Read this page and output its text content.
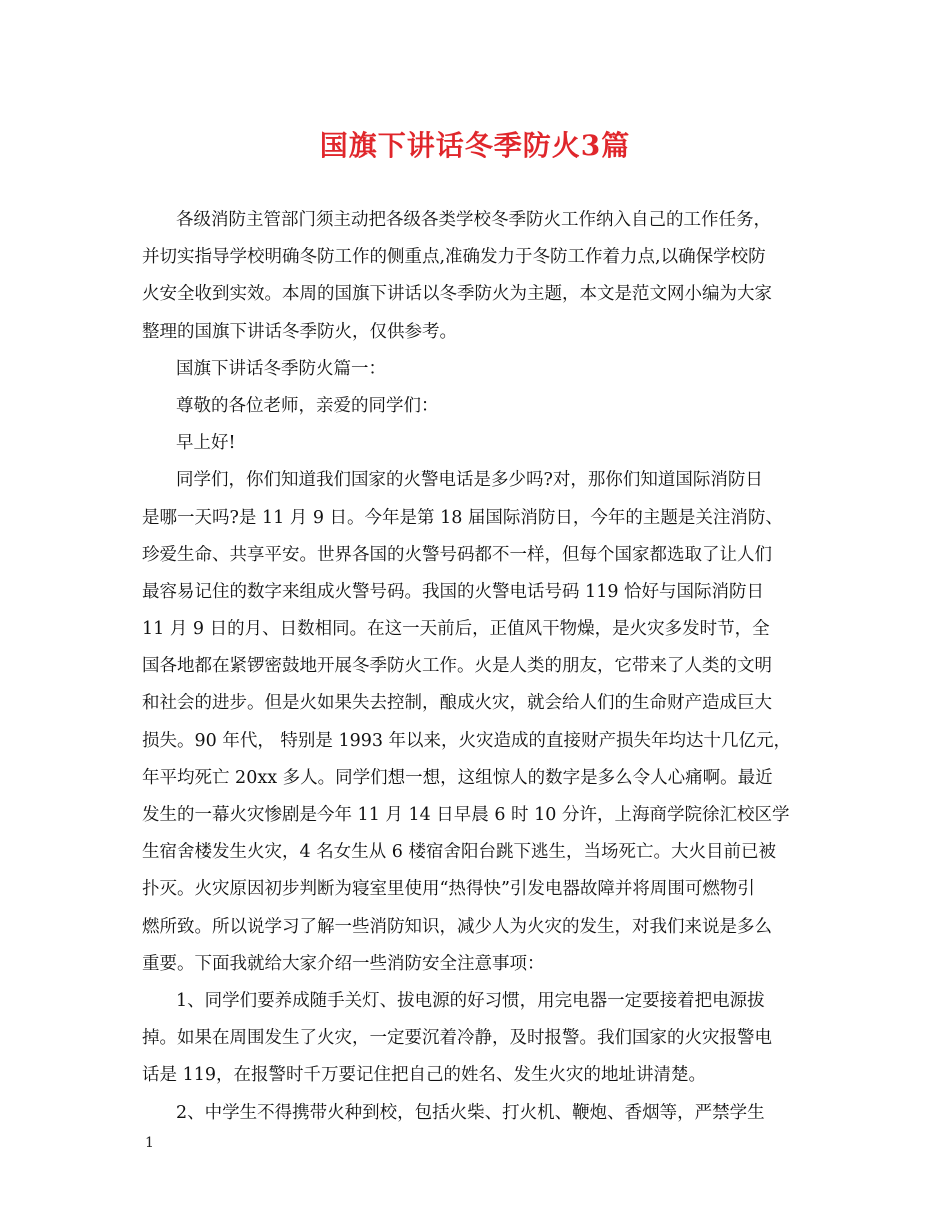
国旗下讲话冬季防火3篇
各级消防主管部门须主动把各级各类学校冬季防火工作纳入自己的工作任务，
并切实指导学校明确冬防工作的侧重点,准确发力于冬防工作着力点,以确保学校防
火安全收到实效。本周的国旗下讲话以冬季防火为主题，本文是范文网小编为大家
整理的国旗下讲话冬季防火，仅供参考。
国旗下讲话冬季防火篇一：
尊敬的各位老师，亲爱的同学们：
早上好!
同学们，你们知道我们国家的火警电话是多少吗?对，那你们知道国际消防日
是哪一天吗?是 11 月 9 日。今年是第 18 届国际消防日，今年的主题是关注消防、
珍爱生命、共享平安。世界各国的火警号码都不一样，但每个国家都选取了让人们
最容易记住的数字来组成火警号码。我国的火警电话号码 119 恰好与国际消防日
11 月 9 日的月、日数相同。在这一天前后，正值风干物燥，是火灾多发时节，全
国各地都在紧锣密鼓地开展冬季防火工作。火是人类的朋友，它带来了人类的文明
和社会的进步。但是火如果失去控制，酿成火灾，就会给人们的生命财产造成巨大
损失。90 年代， 特别是 1993 年以来，火灾造成的直接财产损失年均达十几亿元，
年平均死亡 20xx 多人。同学们想一想，这组惊人的数字是多么令人心痛啊。最近
发生的一幕火灾惨剧是今年 11 月 14 日早晨 6 时 10 分许，上海商学院徐汇校区学
生宿舍楼发生火灾，4 名女生从 6 楼宿舍阳台跳下逃生，当场死亡。大火目前已被
扑灭。火灾原因初步判断为寝室里使用“热得快”引发电器故障并将周围可燃物引
燃所致。所以说学习了解一些消防知识，减少人为火灾的发生，对我们来说是多么
重要。下面我就给大家介绍一些消防安全注意事项：
1、同学们要养成随手关灯、拔电源的好习惯，用完电器一定要接着把电源拔
掉。如果在周围发生了火灾，一定要沉着冷静，及时报警。我们国家的火灾报警电
话是 119，在报警时千万要记住把自己的姓名、发生火灾的地址讲清楚。
2、中学生不得携带火种到校，包括火柴、打火机、鞭炮、香烟等，严禁学生
1
